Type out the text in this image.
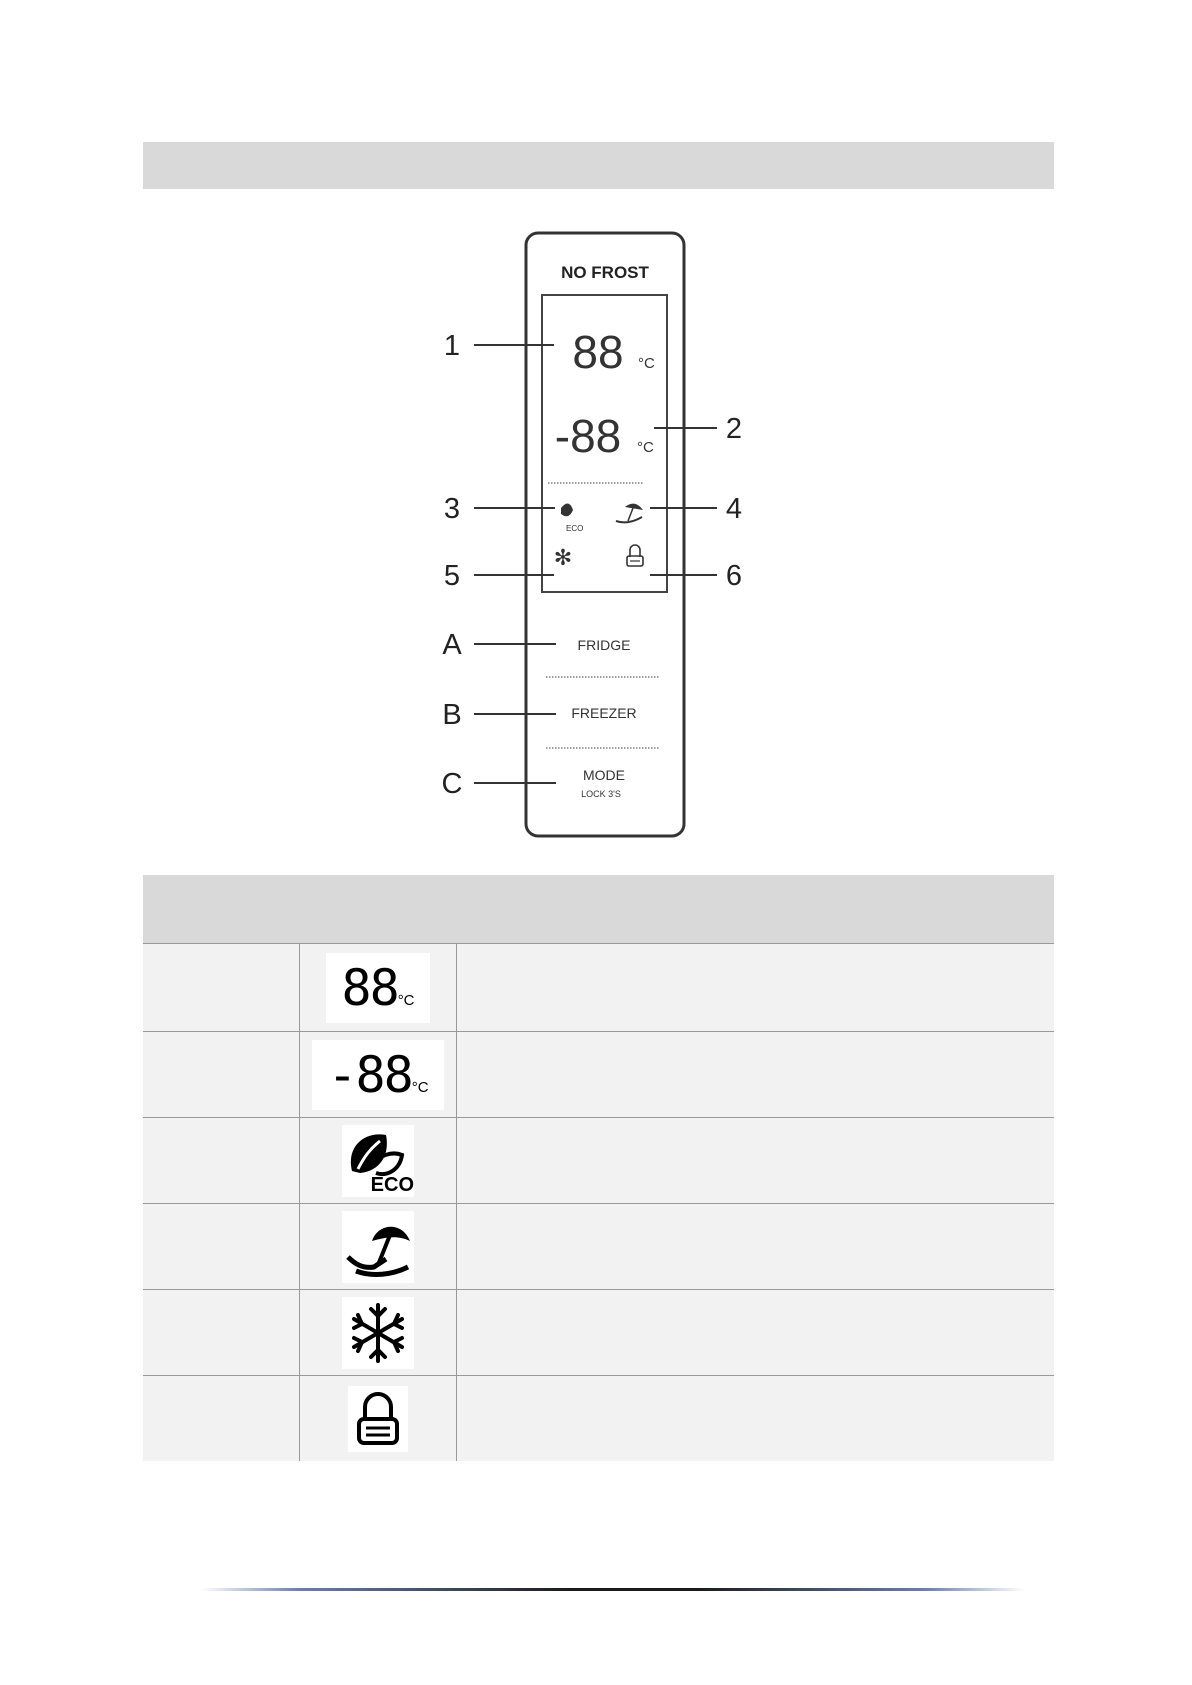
NO FROST
88 °C
-88 °C
ECO
✻
FRIDGE
FREEZER
MODE
LOCK 3'S
1
2
3	4
5	6
A
B
C
88 °C
-88 °C
ECO
